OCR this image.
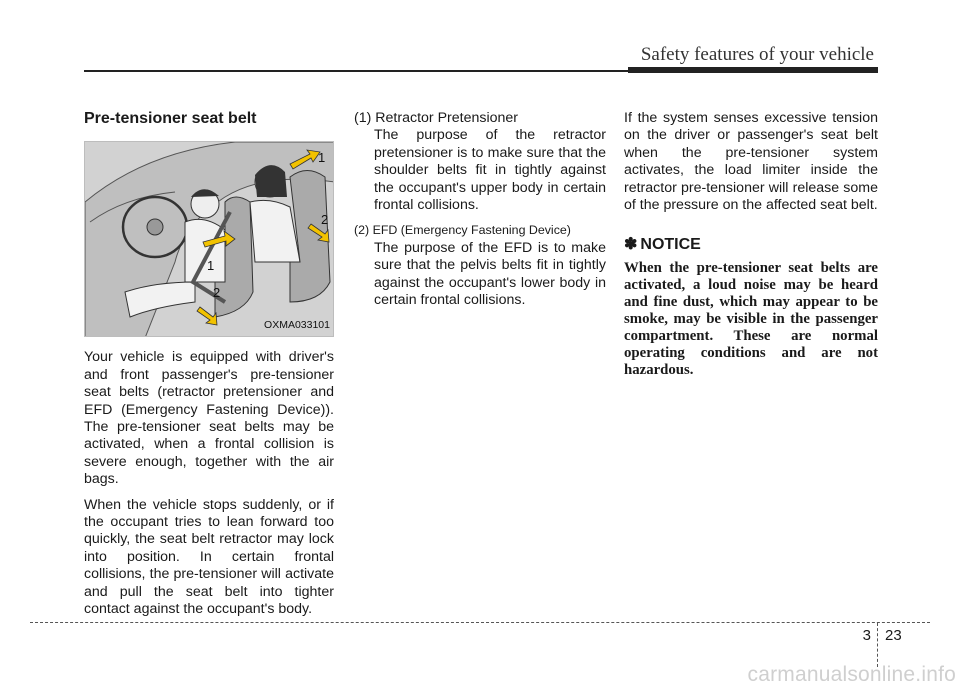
Safety features of your vehicle
Pre-tensioner seat belt
1
2
1
2
OXMA033101

Your vehicle is equipped with driver's and front passenger's pre-tensioner seat belts (retractor pretensioner and EFD (Emergency Fastening Device)). The pre-tensioner seat belts may be activated, when a frontal collision is severe enough, together with the air bags.

When the vehicle stops suddenly, or if the occupant tries to lean forward too quickly, the seat belt retractor may lock into position. In certain frontal collisions, the pre-tensioner will activate and pull the seat belt into tighter contact against the occupant's body.

(1) Retractor Pretensioner

The purpose of the retractor pretensioner is to make sure that the shoulder belts fit in tightly against the occupant's upper body in certain frontal collisions.

(2) EFD (Emergency Fastening Device)

The purpose of the EFD is to make sure that the pelvis belts fit in tightly against the occupant's lower body in certain frontal collisions.

If the system senses excessive tension on the driver or passenger's seat belt when the pre-tensioner system activates, the load limiter inside the retractor pre-tensioner will release some of the pressure on the affected seat belt.

✽ NOTICE

When the pre-tensioner seat belts are activated, a loud noise may be heard and fine dust, which may appear to be smoke, may be visible in the passenger compartment. These are normal operating conditions and are not hazardous.

3 23
carmanualsonline.info
